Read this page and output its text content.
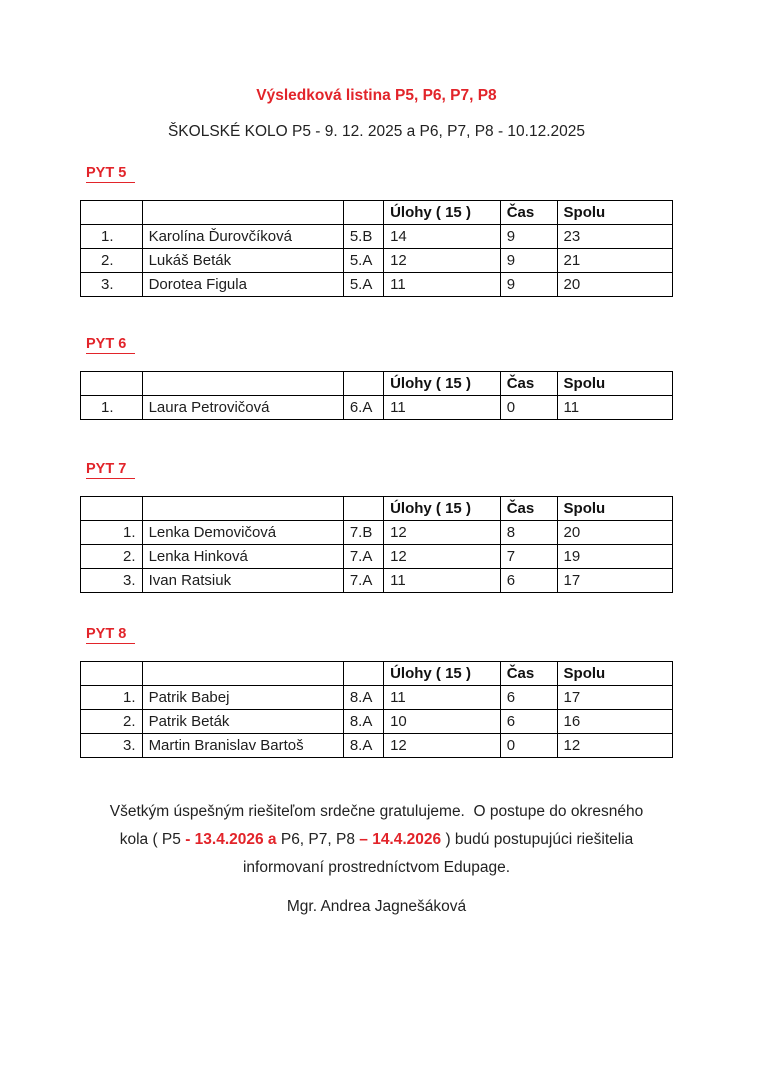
Výsledková listina P5, P6, P7, P8
ŠKOLSKÉ KOLO P5 - 9. 12. 2025 a P6, P7, P8 - 10.12.2025
PYT 5
			Úlohy ( 15 )	Čas	Spolu
1.	Karolína Ďurovčíková	5.B	14	9	23
2.	Lukáš Beták	5.A	12	9	21
3.	Dorotea Figula	5.A	11	9	20
PYT 6
			Úlohy ( 15 )	Čas	Spolu
1.	Laura Petrovičová	6.A	11	0	11
PYT 7
			Úlohy ( 15 )	Čas	Spolu
1.	Lenka Demovičová	7.B	12	8	20
2.	Lenka Hinková	7.A	12	7	19
3.	Ivan Ratsiuk	7.A	11	6	17
PYT 8
			Úlohy ( 15 )	Čas	Spolu
1.	Patrik Babej	8.A	11	6	17
2.	Patrik Beták	8.A	10	6	16
3.	Martin Branislav Bartoš	8.A	12	0	12
Všetkým úspešným riešiteľom srdečne gratulujeme.  O postupe do okresného
kola ( P5 - 13.4.2026 a P6, P7, P8 – 14.4.2026 ) budú postupujúci riešitelia
informovaní prostredníctvom Edupage.
Mgr. Andrea Jagnešáková
